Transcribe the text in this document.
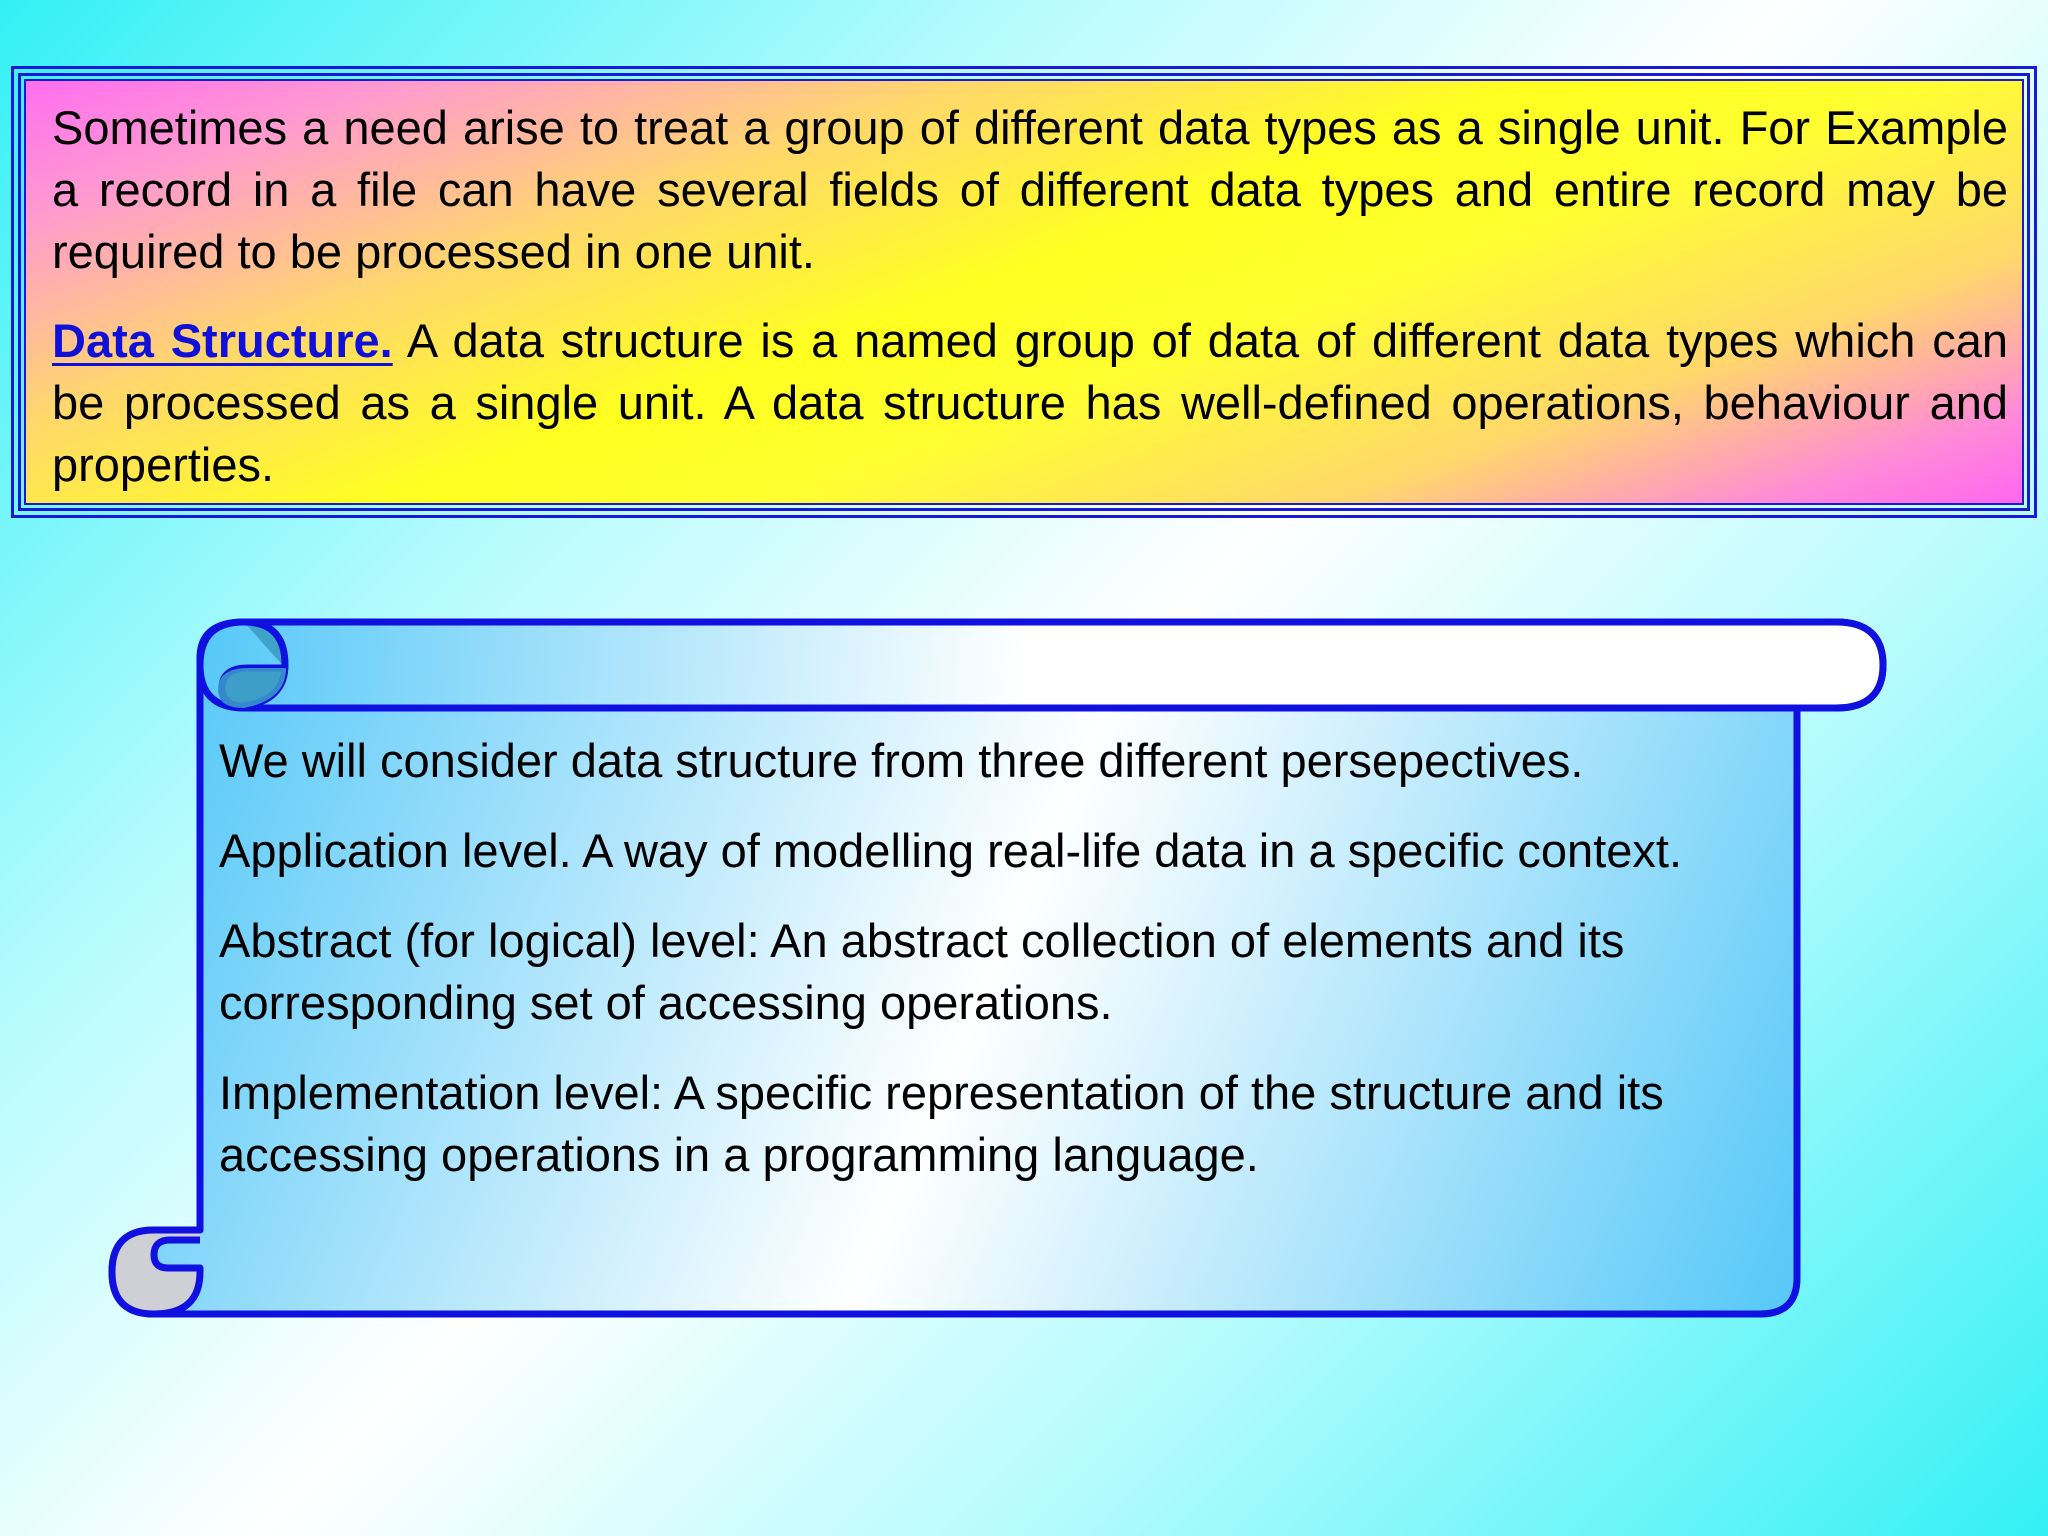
Sometimes a need arise to treat a group of different data types as a single unit. For Example a record in a file can have several fields of different data types and entire record may be required to be processed in one unit.

Data Structure. A data structure is a named group of data of different data types which can be processed as a single unit. A data structure has well-defined operations, behaviour and properties.

We will consider data structure from three different persepectives.

Application level. A way of modelling real-life data in a specific context.

Abstract (for logical) level: An abstract collection of elements and its corresponding set of accessing operations.

Implementation level: A specific representation of the structure and its accessing operations in a programming language.
